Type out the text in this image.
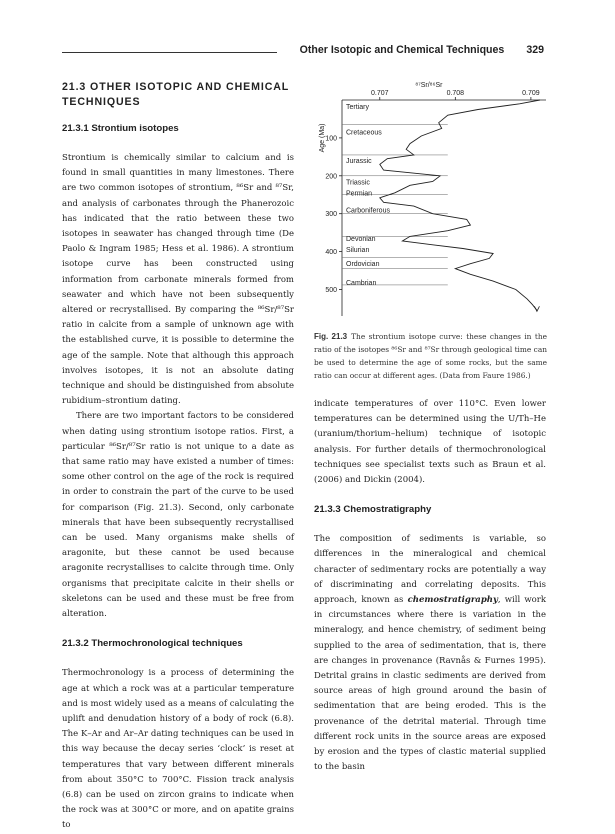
Other Isotopic and Chemical Techniques 329
21.3 OTHER ISOTOPIC AND CHEMICAL TECHNIQUES
21.3.1 Strontium isotopes

Strontium is chemically similar to calcium and is found in small quantities in many limestones. There are two common isotopes of strontium, ⁸⁶Sr and ⁸⁷Sr, and analysis of carbonates through the Phanerozoic has indicated that the ratio between these two isotopes in seawater has changed through time (De Paolo & Ingram 1985; Hess et al. 1986). A strontium isotope curve has been constructed using information from carbonate minerals formed from seawater and which have not been subsequently altered or recrystallised. By comparing the ⁸⁶Sr/⁸⁷Sr ratio in calcite from a sample of unknown age with the established curve, it is possible to determine the age of the sample. Note that although this approach involves isotopes, it is not an absolute dating technique and should be distinguished from absolute rubidium–strontium dating.

There are two important factors to be considered when dating using strontium isotope ratios. First, a particular ⁸⁶Sr/⁸⁷Sr ratio is not unique to a date as that same ratio may have existed a number of times: some other control on the age of the rock is required in order to constrain the part of the curve to be used for comparison (Fig. 21.3). Second, only carbonate minerals that have been subsequently recrystallised can be used. Many organisms make shells of aragonite, but these cannot be used because aragonite recrystallises to calcite through time. Only organisms that precipitate calcite in their shells or skeletons can be used and these must be free from alteration.

21.3.2 Thermochronological techniques

Thermochronology is a process of determining the age at which a rock was at a particular temperature and is most widely used as a means of calculating the uplift and denudation history of a body of rock (6.8). The K–Ar and Ar–Ar dating techniques can be used in this way because the decay series ‘clock’ is reset at temperatures that vary between different minerals from about 350°C to 700°C. Fission track analysis (6.8) can be used on zircon grains to indicate when the rock was at 300°C or more, and on apatite grains to

0.707	0.708	0.709
100
200
300
400
500
Tertiary
Cretaceous
Jurassic
Triassic
Permian
Carboniferous
Devonian
Silurian
Ordovician
Cambrian
⁸⁷Sr/⁸⁶Sr
Age (Ma)
Fig. 21.3 The strontium isotope curve: these changes in the ratio of the isotopes ⁸⁶Sr and ⁸⁷Sr through geological time can be used to determine the age of some rocks, but the same ratio can occur at different ages. (Data from Faure 1986.)

indicate temperatures of over 110°C. Even lower temperatures can be determined using the U/Th–He (uranium/thorium–helium) technique of isotopic analysis. For further details of thermochronological techniques see specialist texts such as Braun et al. (2006) and Dickin (2004).

21.3.3 Chemostratigraphy

The composition of sediments is variable, so differences in the mineralogical and chemical character of sedimentary rocks are potentially a way of discriminating and correlating deposits. This approach, known as chemostratigraphy, will work in circumstances where there is variation in the mineralogy, and hence chemistry, of sediment being supplied to the area of sedimentation, that is, there are changes in provenance (Ravnås & Furnes 1995). Detrital grains in clastic sediments are derived from source areas of high ground around the basin of sedimentation that are being eroded. This is the provenance of the detrital material. Through time different rock units in the source areas are exposed by erosion and the types of clastic material supplied to the basin
